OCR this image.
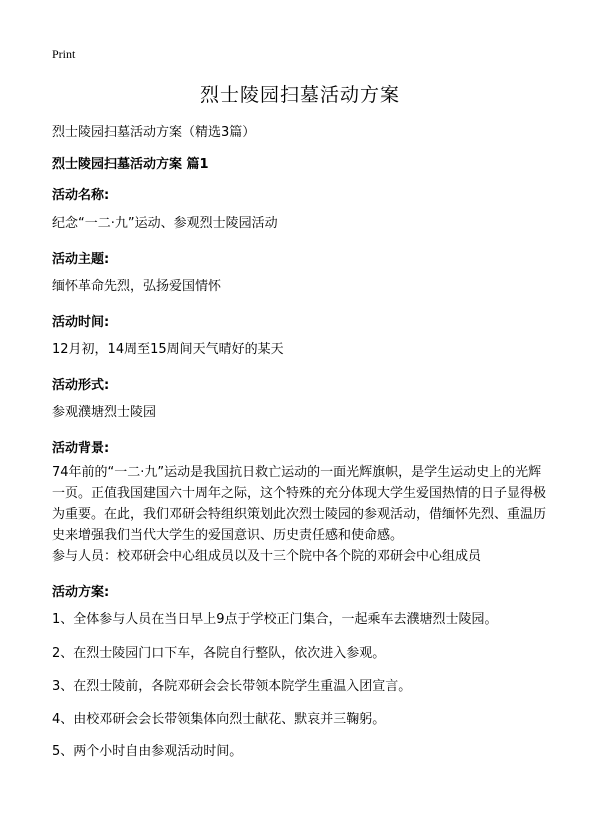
Print
烈士陵园扫墓活动方案
烈士陵园扫墓活动方案（精选3篇）
烈士陵园扫墓活动方案 篇1
活动名称:
纪念“一二·九”运动、参观烈士陵园活动
活动主题:
缅怀革命先烈，弘扬爱国情怀
活动时间:
12月初，14周至15周间天气晴好的某天
活动形式:
参观濮塘烈士陵园
活动背景:
74年前的“一二·九”运动是我国抗日救亡运动的一面光辉旗帜，是学生运动史上的光辉一页。正值我国建国六十周年之际，这个特殊的充分体现大学生爱国热情的日子显得极为重要。在此，我们邓研会特组织策划此次烈士陵园的参观活动，借缅怀先烈、重温历史来增强我们当代大学生的爱国意识、历史责任感和使命感。
参与人员：校邓研会中心组成员以及十三个院中各个院的邓研会中心组成员
活动方案:
1、全体参与人员在当日早上9点于学校正门集合，一起乘车去濮塘烈士陵园。
2、在烈士陵园门口下车，各院自行整队，依次进入参观。
3、在烈士陵前，各院邓研会会长带领本院学生重温入团宣言。
4、由校邓研会会长带领集体向烈士献花、默哀并三鞠躬。
5、两个小时自由参观活动时间。
